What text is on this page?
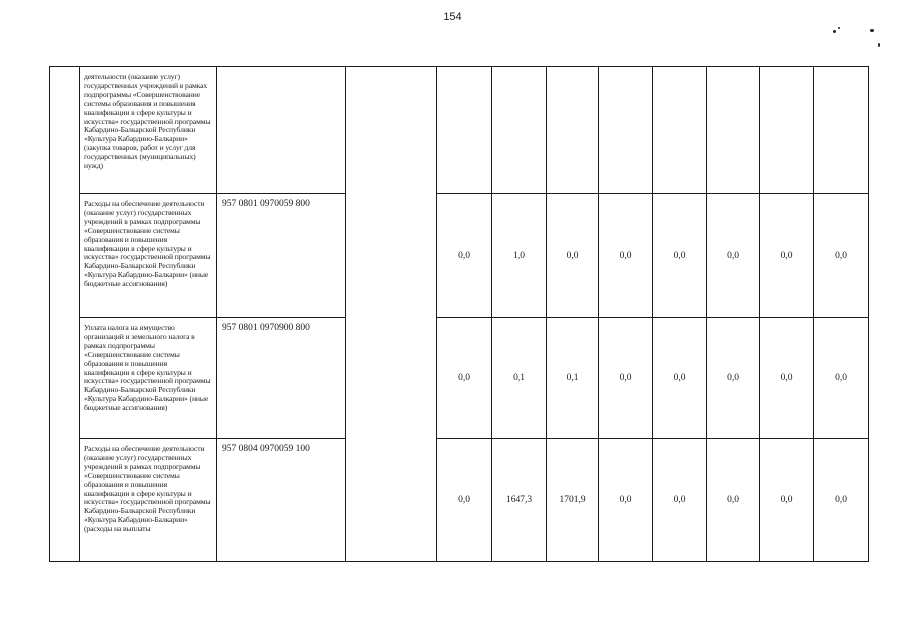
154
	деятельности (оказание услуг) государственных учреждений в рамках подпрограммы «Совершенствование системы образования и повышения квалификации в сфере культуры и искусства» государственной программы Кабардино-Балкарской Республики «Культура Кабардино-Балкарии» (закупка товаров, работ и услуг для государственных (муниципальных) нужд)										
	Расходы на обеспечение деятельности (оказание услуг) государственных учреждений в рамках подпрограммы «Совершенствование системы образования и повышения квалификации в сфере культуры и искусства» государственной программы Кабардино-Балкарской Республики «Культура Кабардино-Балкарии» (иные бюджетные ассигнования)	957 0801 0970059 800		0,0	1,0	0,0	0,0	0,0	0,0	0,0	0,0
	Уплата налога на имущество организаций и земельного налога в рамках подпрограммы «Совершенствование системы образования и повышения квалификации в сфере культуры и искусства» государственной программы Кабардино-Балкарской Республики «Культура Кабардино-Балкарии» (иные бюджетные ассигнования)	957 0801 0970900 800		0,0	0,1	0,1	0,0	0,0	0,0	0,0	0,0
	Расходы на обеспечение деятельности (оказание услуг) государственных учреждений в рамках подпрограммы «Совершенствование системы образования и повышения квалификации в сфере культуры и искусства» государственной программы Кабардино-Балкарской Республики «Культура Кабардино-Балкарии» (расходы на выплаты	957 0804 0970059 100		0,0	1647,3	1701,9	0,0	0,0	0,0	0,0	0,0
